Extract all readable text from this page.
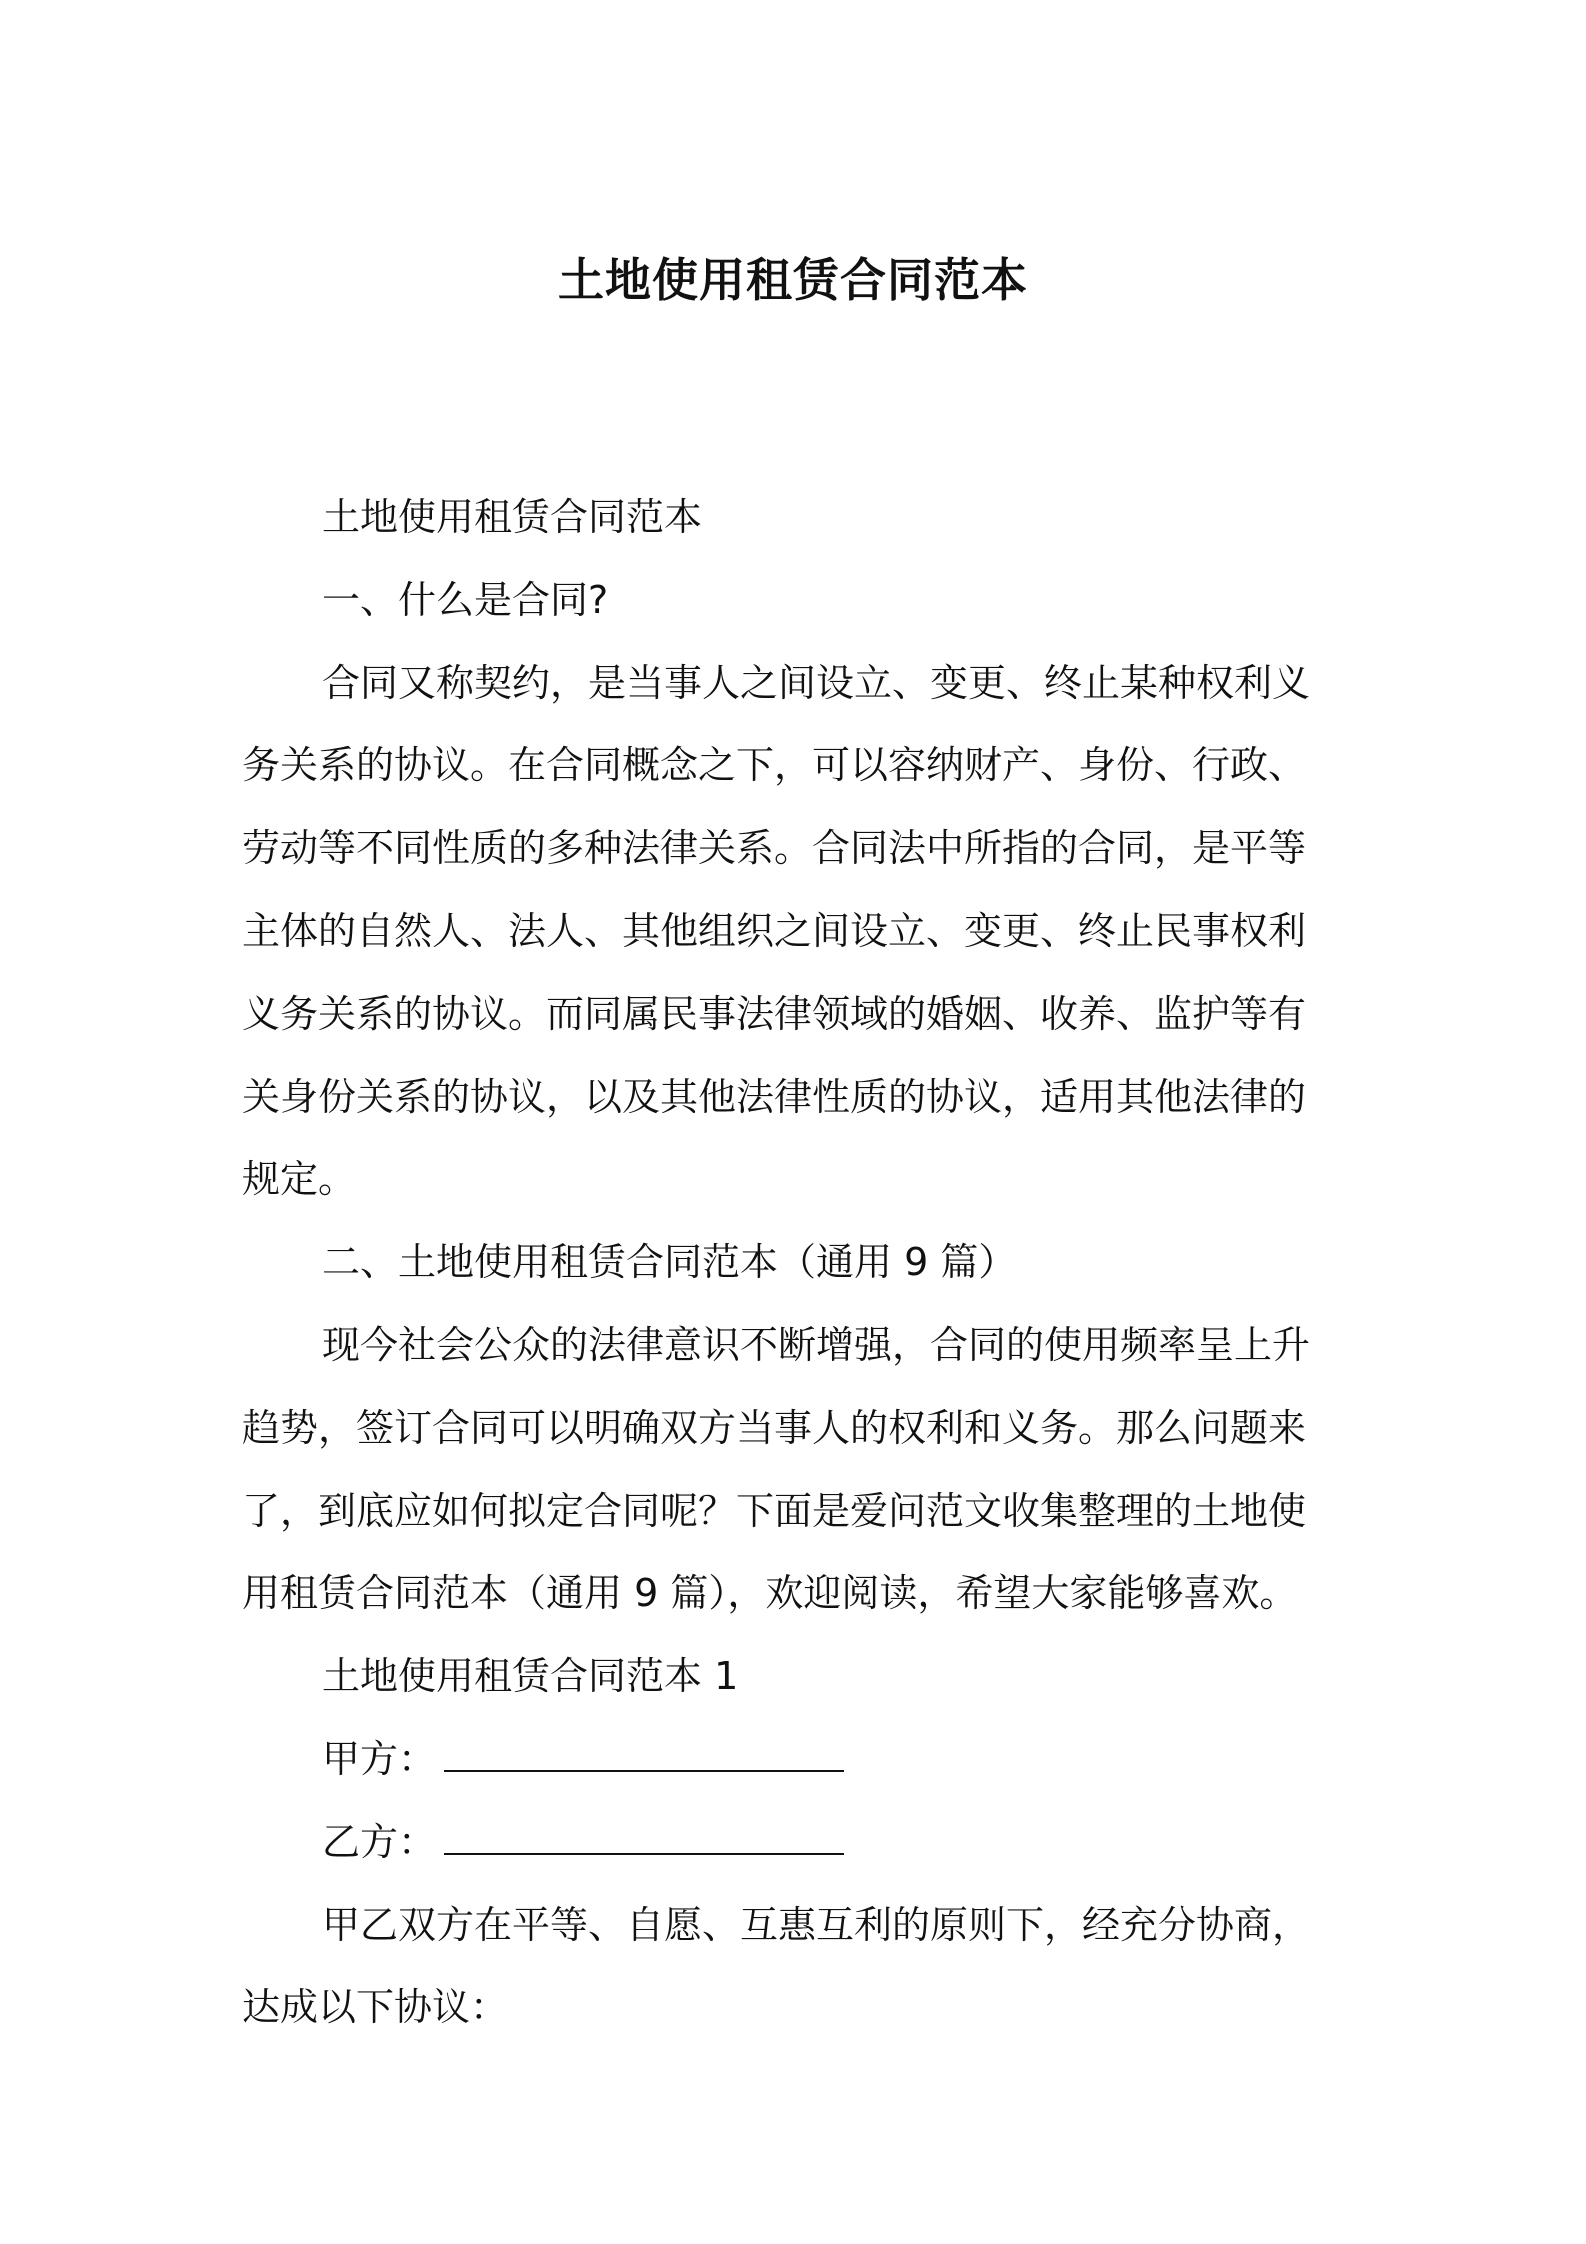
土地使用租赁合同范本

土地使用租赁合同范本

一、什么是合同?

合同又称契约，是当事人之间设立、变更、终止某种权利义
务关系的协议。在合同概念之下，可以容纳财产、身份、行政、
劳动等不同性质的多种法律关系。合同法中所指的合同，是平等
主体的自然人、法人、其他组织之间设立、变更、终止民事权利
义务关系的协议。而同属民事法律领域的婚姻、收养、监护等有
关身份关系的协议，以及其他法律性质的协议，适用其他法律的
规定。

二、土地使用租赁合同范本（通用 9 篇）

现今社会公众的法律意识不断增强，合同的使用频率呈上升
趋势，签订合同可以明确双方当事人的权利和义务。那么问题来
了，到底应如何拟定合同呢？下面是爱问范文收集整理的土地使
用租赁合同范本（通用 9 篇），欢迎阅读，希望大家能够喜欢。

土地使用租赁合同范本 1

甲方：

乙方：

甲乙双方在平等、自愿、互惠互利的原则下，经充分协商，
达成以下协议：
